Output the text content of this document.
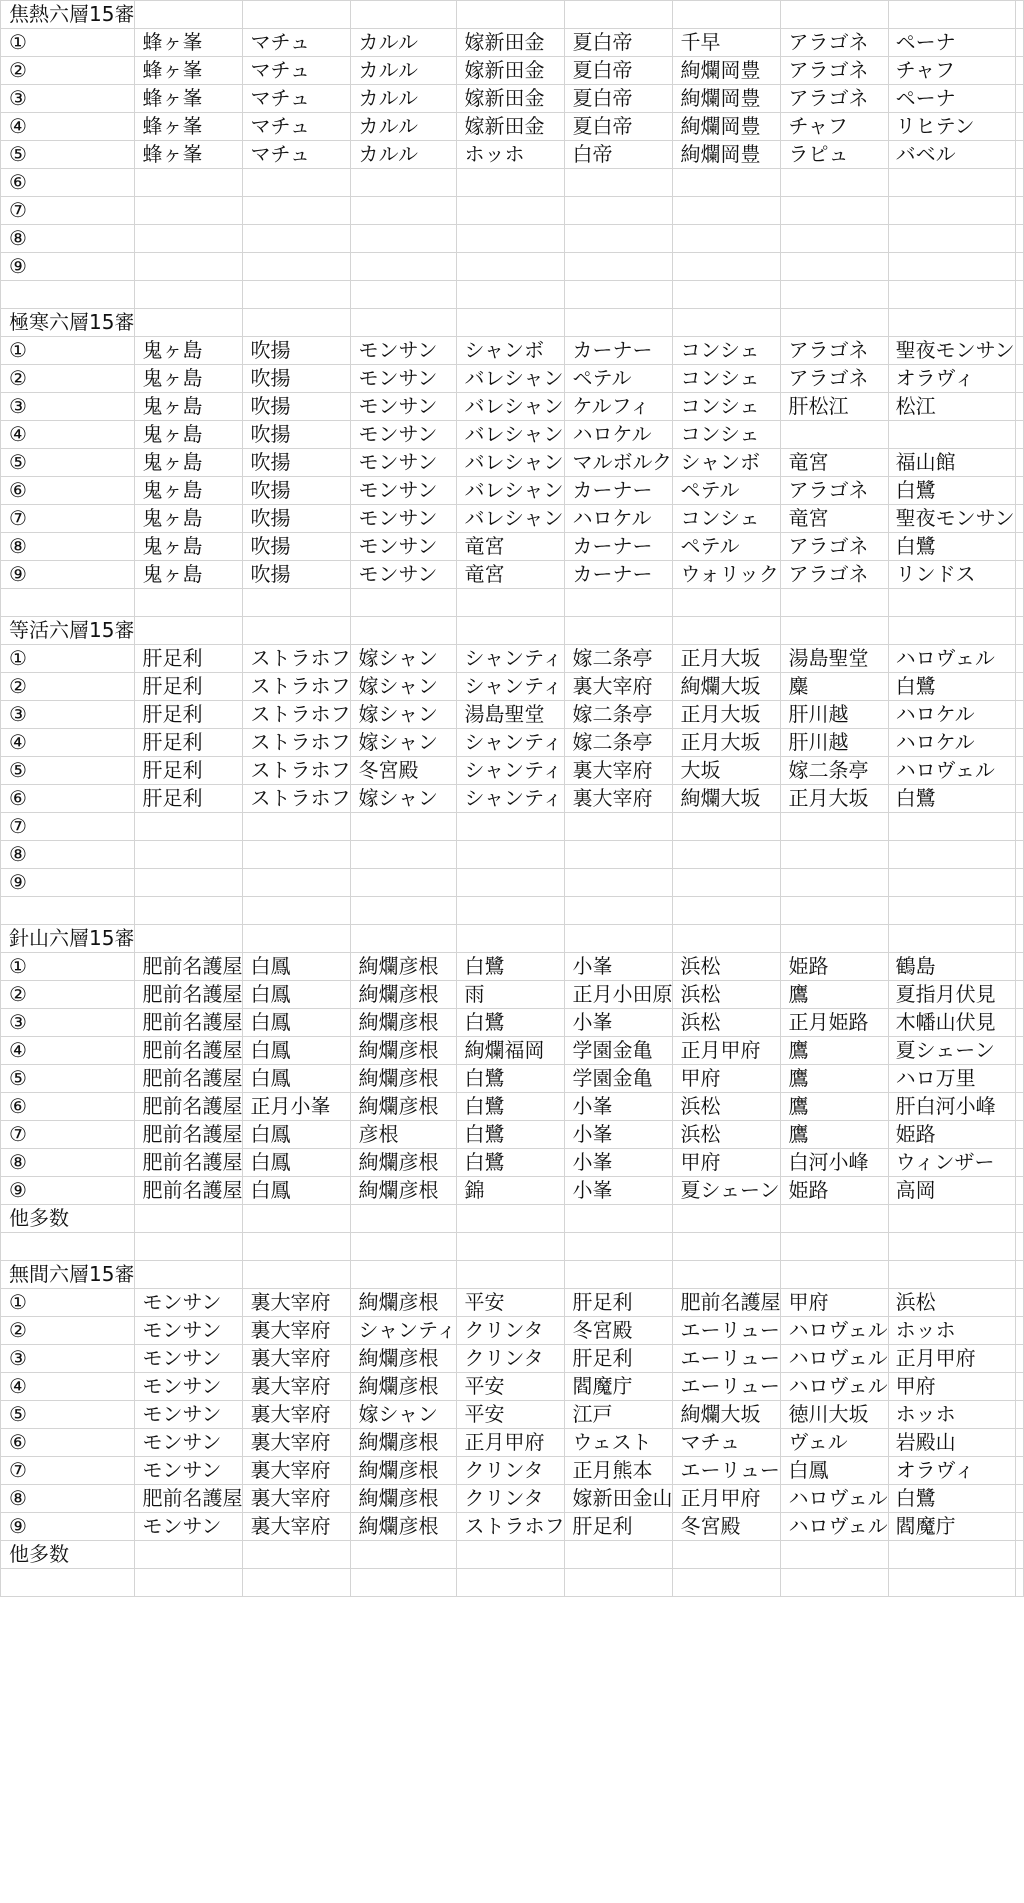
焦熱六層15審									
①	蜂ヶ峯	マチュ	カルル	嫁新田金	夏白帝	千早	アラゴネ	ペーナ	
②	蜂ヶ峯	マチュ	カルル	嫁新田金	夏白帝	絢爛岡豊	アラゴネ	チャフ	
③	蜂ヶ峯	マチュ	カルル	嫁新田金	夏白帝	絢爛岡豊	アラゴネ	ペーナ	
④	蜂ヶ峯	マチュ	カルル	嫁新田金	夏白帝	絢爛岡豊	チャフ	リヒテン	
⑤	蜂ヶ峯	マチュ	カルル	ホッホ	白帝	絢爛岡豊	ラピュ	バベル	
⑥									
⑦									
⑧									
⑨									

極寒六層15審									
①	鬼ヶ島	吹揚	モンサン	シャンボ	カーナー	コンシェ	アラゴネ	聖夜モンサン	
②	鬼ヶ島	吹揚	モンサン	バレシャン	ペテル	コンシェ	アラゴネ	オラヴィ	
③	鬼ヶ島	吹揚	モンサン	バレシャン	ケルフィ	コンシェ	肝松江	松江	
④	鬼ヶ島	吹揚	モンサン	バレシャン	ハロケル	コンシェ			
⑤	鬼ヶ島	吹揚	モンサン	バレシャン	マルボルク	シャンボ	竜宮	福山館	
⑥	鬼ヶ島	吹揚	モンサン	バレシャン	カーナー	ペテル	アラゴネ	白鷺	
⑦	鬼ヶ島	吹揚	モンサン	バレシャン	ハロケル	コンシェ	竜宮	聖夜モンサン	
⑧	鬼ヶ島	吹揚	モンサン	竜宮	カーナー	ペテル	アラゴネ	白鷺	
⑨	鬼ヶ島	吹揚	モンサン	竜宮	カーナー	ウォリック	アラゴネ	リンドス	

等活六層15審									
①	肝足利	ストラホフ	嫁シャン	シャンティ	嫁二条亭	正月大坂	湯島聖堂	ハロヴェル	
②	肝足利	ストラホフ	嫁シャン	シャンティ	裏大宰府	絢爛大坂	麋	白鷺	
③	肝足利	ストラホフ	嫁シャン	湯島聖堂	嫁二条亭	正月大坂	肝川越	ハロケル	
④	肝足利	ストラホフ	嫁シャン	シャンティ	嫁二条亭	正月大坂	肝川越	ハロケル	
⑤	肝足利	ストラホフ	冬宮殿	シャンティ	裏大宰府	大坂	嫁二条亭	ハロヴェル	
⑥	肝足利	ストラホフ	嫁シャン	シャンティ	裏大宰府	絢爛大坂	正月大坂	白鷺	
⑦									
⑧									
⑨									

針山六層15審									
①	肥前名護屋	白鳳	絢爛彦根	白鷺	小峯	浜松	姫路	鶴島	
②	肥前名護屋	白鳳	絢爛彦根	雨	正月小田原	浜松	鷹	夏指月伏見	
③	肥前名護屋	白鳳	絢爛彦根	白鷺	小峯	浜松	正月姫路	木幡山伏見	
④	肥前名護屋	白鳳	絢爛彦根	絢爛福岡	学園金亀	正月甲府	鷹	夏シェーン	
⑤	肥前名護屋	白鳳	絢爛彦根	白鷺	学園金亀	甲府	鷹	ハロ万里	
⑥	肥前名護屋	正月小峯	絢爛彦根	白鷺	小峯	浜松	鷹	肝白河小峰	
⑦	肥前名護屋	白鳳	彦根	白鷺	小峯	浜松	鷹	姫路	
⑧	肥前名護屋	白鳳	絢爛彦根	白鷺	小峯	甲府	白河小峰	ウィンザー	
⑨	肥前名護屋	白鳳	絢爛彦根	錦	小峯	夏シェーン	姫路	高岡	
他多数									

無間六層15審									
①	モンサン	裏大宰府	絢爛彦根	平安	肝足利	肥前名護屋	甲府	浜松	
②	モンサン	裏大宰府	シャンティ	クリンタ	冬宮殿	エーリュー	ハロヴェル	ホッホ	
③	モンサン	裏大宰府	絢爛彦根	クリンタ	肝足利	エーリュー	ハロヴェル	正月甲府	
④	モンサン	裏大宰府	絢爛彦根	平安	閻魔庁	エーリュー	ハロヴェル	甲府	
⑤	モンサン	裏大宰府	嫁シャン	平安	江戸	絢爛大坂	徳川大坂	ホッホ	
⑥	モンサン	裏大宰府	絢爛彦根	正月甲府	ウェスト	マチュ	ヴェル	岩殿山	
⑦	モンサン	裏大宰府	絢爛彦根	クリンタ	正月熊本	エーリュー	白鳳	オラヴィ	
⑧	肥前名護屋	裏大宰府	絢爛彦根	クリンタ	嫁新田金山	正月甲府	ハロヴェル	白鷺	
⑨	モンサン	裏大宰府	絢爛彦根	ストラホフ	肝足利	冬宮殿	ハロヴェル	閻魔庁	
他多数									
